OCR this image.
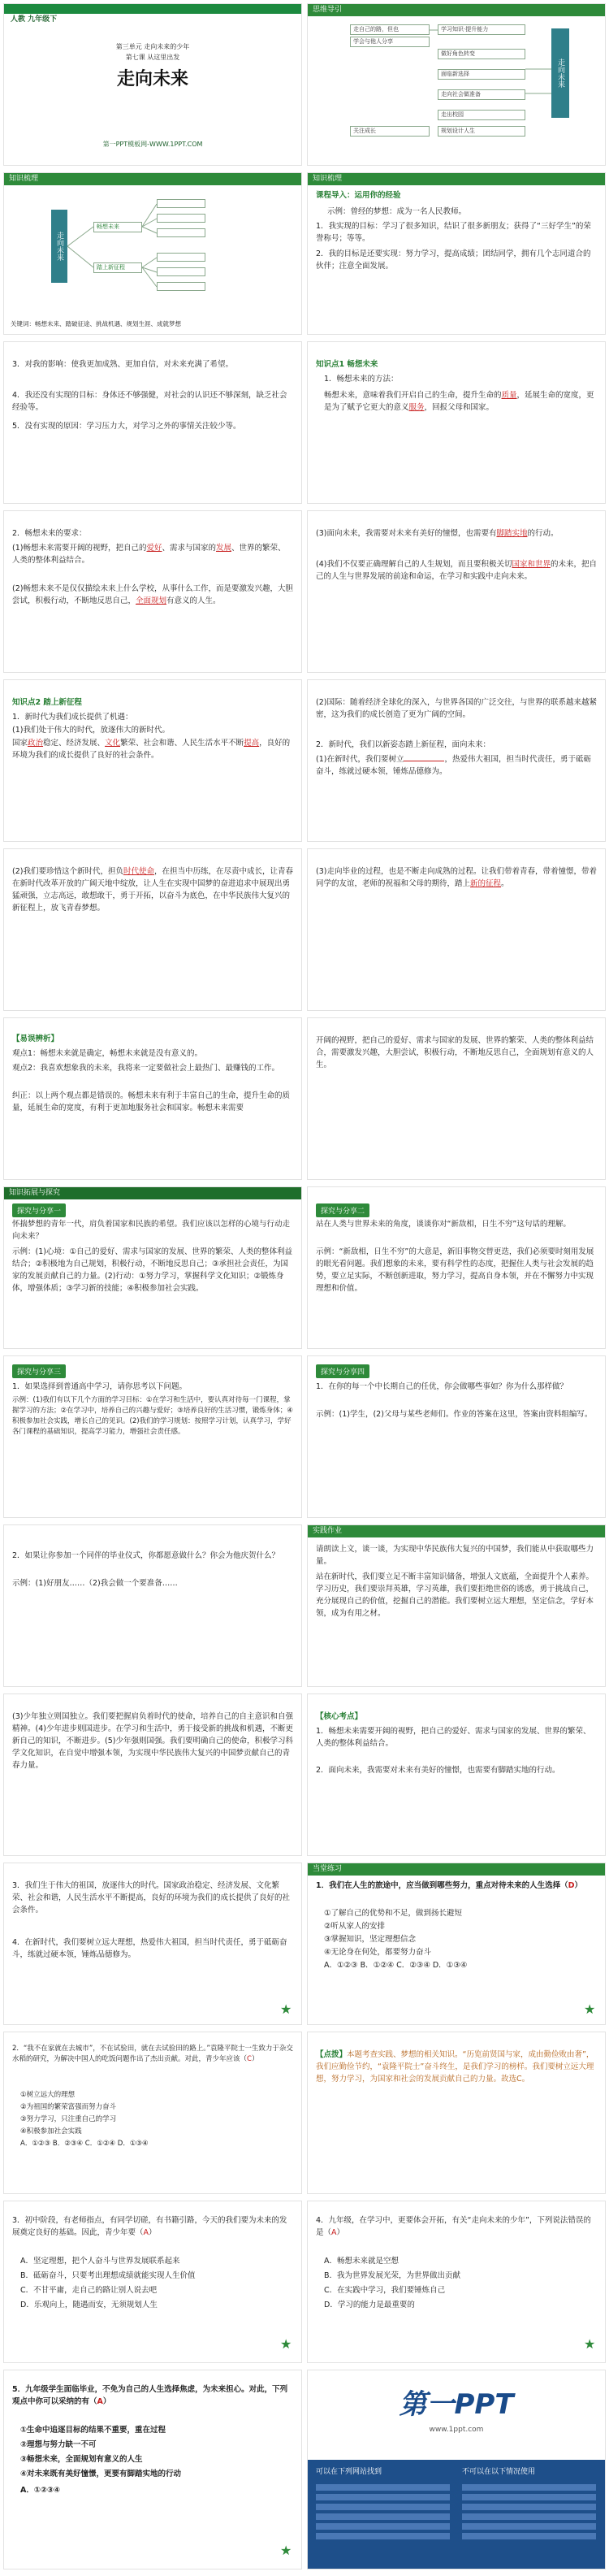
人教 九年级下
第三单元 走向未来的少年
第七课 从这里出发
走向未来
第一PPT模板网-WWW.1PPT.COM
思维导引
走自己的路，但也
学会与他人分享
学习知识·提升能力
做好角色转变
面临新选择	走向未来
走向社会做准备
走出校园
规划设计人生
关注成长
知识梳理
走向未来
畅想未来
踏上新征程
关键词：畅想未来、踏破征途、挑战机遇、规划生涯、成就梦想
知识梳理
课程导入：运用你的经验
示例：曾经的梦想：成为一名人民教师。
1．我实现的目标：学习了很多知识，结识了很多新朋友；获得了“三好学生”的荣誉称号；等等。
2．我的目标是还要实现：努力学习，提高成绩；团结同学，拥有几个志同道合的伙伴；注意全面发展。
3．对我的影响：使我更加成熟、更加自信，对未来充满了希望。
4．我还没有实现的目标：身体还不够强健，对社会的认识还不够深刻，缺乏社会经验等。
5．没有实现的原因：学习压力大，对学习之外的事情关注较少等。
知识点1 畅想未来
1．畅想未来的方法：
畅想未来，意味着我们开启自己的生命，提升生命的质量，延展生命的宽度，更是为了赋予它更大的意义服务，回报父母和国家。
2．畅想未来的要求：
(1)畅想未来需要开阔的视野，把自己的爱好、需求与国家的发展、世界的繁荣、人类的整体利益结合。
(2)畅想未来不是仅仅描绘未来上什么学校，从事什么工作，而是要激发兴趣，大胆尝试，积极行动，不断地反思自己，全面规划有意义的人生。
(3)面向未来，我需要对未来有美好的憧憬，也需要有脚踏实地的行动。
(4)我们不仅要正确理解自己的人生规划，而且要积极关切国家和世界的未来，把自己的人生与世界发展的前途和命运，在学习和实践中走向未来。
知识点2 踏上新征程
1．新时代为我们成长提供了机遇：
(1)我们处于伟大的时代，放逐伟大的新时代。
国家政治稳定、经济发展、文化繁荣、社会和谐、人民生活水平不断提高，良好的环境为我们的成长提供了良好的社会条件。
(2)国际：随着经济全球化的深入，与世界各国的广泛交往，与世界的联系越来越紧密，这为我们的成长创造了更为广阔的空间。
2．新时代，我们以新姿态踏上新征程，面向未来：
(1)在新时代，我们要树立	，热爱伟大祖国，担当时代责任，勇于砥砺奋斗，练就过硬本领，锤炼品德修为。
(2)我们要珍惜这个新时代，担负时代使命，在担当中历练，在尽责中成长，让青春在新时代改革开放的广阔天地中绽放，让人生在实现中国梦的奋进追求中展现出勇猛顽强，立志高远，敢想敢干，勇于开拓，以奋斗为底色，在中华民族伟大复兴的新征程上，放飞青春梦想。
(3)走向毕业的过程，也是不断走向成熟的过程。让我们带着青春，带着憧憬，带着同学的友谊，老师的祝福和父母的期待，踏上新的征程。
【易误辨析】
观点1：畅想未来就是确定，畅想未来就是没有意义的。
观点2：我喜欢想象我的未来，我将来一定要做社会上最热门、最赚钱的工作。
纠正：以上两个观点都是错误的。畅想未来有利于丰富自己的生命，提升生命的质量，延展生命的宽度，有利于更加地服务社会和国家。畅想未来需要
开阔的视野，把自己的爱好、需求与国家的发展、世界的繁荣、人类的整体利益结合，需要激发兴趣，大胆尝试，积极行动，不断地反思自己，全面规划有意义的人生。
知识拓展与探究
探究与分享一
怀揣梦想的青年一代，肩负着国家和民族的希望。我们应该以怎样的心境与行动走向未来？
示例：(1)心境：①自己的爱好、需求与国家的发展、世界的繁荣、人类的整体利益结合；②积极地为自己规划，积极行动，不断地反思自己；③承担社会责任，为国家的发展贡献自己的力量。(2)行动：①努力学习，掌握科学文化知识；②锻炼身体，增强体质；③学习新的技能；④积极参加社会实践。
探究与分享二
站在人类与世界未来的角度，谈谈你对“新敌相，日生不穷”这句话的理解。
示例：“新敌相，日生不穷”的大意是，新旧事物交替更迭，我们必须要时刻用发展的眼光看问题。我们想象的未来，要有科学性的态度，把握住人类与社会发展的趋势，要立足实际，不断创新进取，努力学习，提高自身本领，并在不懈努力中实现理想和价值。
探究与分享三
1．如果选择到普通高中学习，请你思考以下问题。
示例：(1)我们有以下几个方面的学习目标：①在学习和生活中，要认真对待每一门课程，掌握学习的方法；②在学习中，培养自己的兴趣与爱好；③培养良好的生活习惯，锻炼身体；④积极参加社会实践，增长自己的见识。(2)我们的学习规划：按照学习计划，认真学习，学好各门课程的基础知识，提高学习能力，增强社会责任感。
探究与分享四
1．在你的每一个中长期自己的任优，你会做哪些事如？你为什么那样做？
示例：(1)学生，(2)父母与某些老师们。作业的答案在这里，答案由资料组编写。
2．如果让你参加一个同伴的毕业仪式，你都愿意做什么？你会为他庆贺什么？
示例：(1)好朋友……（2)我会做一个要准备……
实践作业
请朗读上文，谈一谈，为实现中华民族伟大复兴的中国梦，我们能从中获取哪些力量。
站在新时代，我们要立足不断丰富知识储备，增强人文底蕴，全面提升个人素养。学习历史，我们要崇拜英雄，学习英雄，我们要拒绝世俗的诱惑，勇于挑战自己，充分展现自己的价值，挖掘自己的潜能。我们要树立远大理想，坚定信念，学好本领，成为有用之材。
(3)少年独立则国独立。我们要把握肩负着时代的使命，培养自己的自主意识和自强精神。(4)少年进步则国进步。在学习和生活中，勇于接受新的挑战和机遇，不断更新自己的知识，不断进步。(5)少年强则国强。我们要明确自己的使命，积极学习科学文化知识，在自觉中增强本领，为实现中华民族伟大复兴的中国梦贡献自己的青春力量。
【核心考点】
1．畅想未来需要开阔的视野，把自己的爱好、需求与国家的发展、世界的繁荣、人类的整体利益结合。
2．面向未来，我需要对未来有美好的憧憬，也需要有脚踏实地的行动。
3．我们生于伟大的祖国，放逐伟大的时代。国家政治稳定、经济发展、文化繁荣、社会和谐，人民生活水平不断提高，良好的环境为我们的成长提供了良好的社会条件。
4．在新时代，我们要树立远大理想，热爱伟大祖国，担当时代责任，勇于砥砺奋斗，练就过硬本领，锤炼品德修为。
★
当堂练习
1．我们在人生的旅途中，应当做到哪些努力，重点对待未来的人生选择（D）
①了解自己的优势和不足，做到扬长避短
②听从家人的安排
③掌握知识，坚定理想信念
④无论身在何处，都要努力奋斗
A．①②③ B．①②④ C．②③④ D．①③④
★
2．“我不在家就在去城市”，不在试验田，就在去试验田的路上。”袁隆平院士一生致力于杂交水稻的研究，为解决中国人的吃饭问题作出了杰出贡献。对此，青少年应该（C）
①树立远大的理想
②为祖国的繁荣富强而努力奋斗
③努力学习，只注重自己的学习
④积极参加社会实践
A．①②③ B．②③④ C．①②④ D．①③④
【点拨】本题考查实践、梦想的相关知识。“历览前贤国与家，成由勤俭败由奢”，我们应勤俭节约，“袁隆平院士”奋斗终生，是我们学习的榜样。我们要树立远大理想，努力学习，为国家和社会的发展贡献自己的力量。故选C。
3．初中阶段，有老师指点，有同学切磋，有书籍引路，今天的我们要为未来的发展奠定良好的基础。因此，青少年要（A）
A．坚定理想，把个人奋斗与世界发展联系起来
B．砥砺奋斗，只要考出理想成绩就能实现人生价值
C．不甘平庸，走自己的路让别人说去吧
D．乐观向上，随遇而安，无须规划人生
★
4．九年级，在学习中，更要体会开拓，有关“走向未来的少年”，下列说法错误的是（A）
A．畅想未来就是空想
B．我为世界发展光荣，为世界做出贡献
C．在实践中学习，我们要锤炼自己
D．学习的能力是最重要的
★
5．九年级学生面临毕业，不免为自己的人生选择焦虑，为未来担心。对此，下列观点中你可以采纳的有（A）
①生命中追逐目标的结果不重要，重在过程
②理想与努力缺一不可
③畅想未来，全面规划有意义的人生
④对未来既有美好憧憬，更要有脚踏实地的行动
A．①②③④
★
第一PPT
www.1ppt.com
可以在下列网站找到	不可以在以下情况使用
